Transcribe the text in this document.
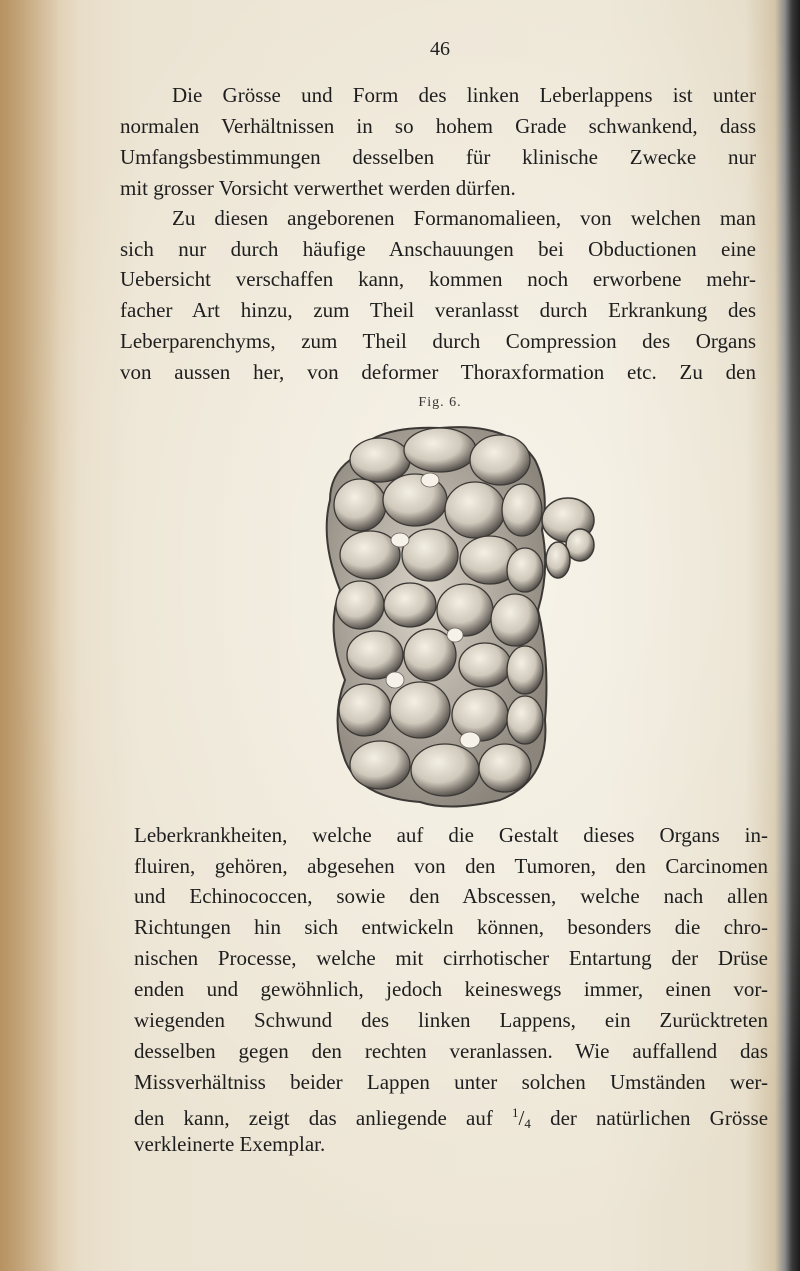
46
Die Grösse und Form des linken Leberlappens ist unter
normalen Verhältnissen in so hohem Grade schwankend, dass
Umfangsbestimmungen desselben für klinische Zwecke nur
mit grosser Vorsicht verwerthet werden dürfen.
Zu diesen angeborenen Formanomalieen, von welchen man
sich nur durch häufige Anschauungen bei Obductionen eine
Uebersicht verschaffen kann, kommen noch erworbene mehr-
facher Art hinzu, zum Theil veranlasst durch Erkrankung des
Leberparenchyms, zum Theil durch Compression des Organs
von aussen her, von deformer Thoraxformation etc. Zu den
Fig. 6.
Leberkrankheiten, welche auf die Gestalt dieses Organs in-
fluiren, gehören, abgesehen von den Tumoren, den Carcinomen
und Echinococcen, sowie den Abscessen, welche nach allen
Richtungen hin sich entwickeln können, besonders die chro-
nischen Processe, welche mit cirrhotischer Entartung der Drüse
enden und gewöhnlich, jedoch keineswegs immer, einen vor-
wiegenden Schwund des linken Lappens, ein Zurücktreten
desselben gegen den rechten veranlassen. Wie auffallend das
Missverhältniss beider Lappen unter solchen Umständen wer-
den kann, zeigt das anliegende auf $^1/_4$ der natürlichen Grösse
verkleinerte Exemplar.
